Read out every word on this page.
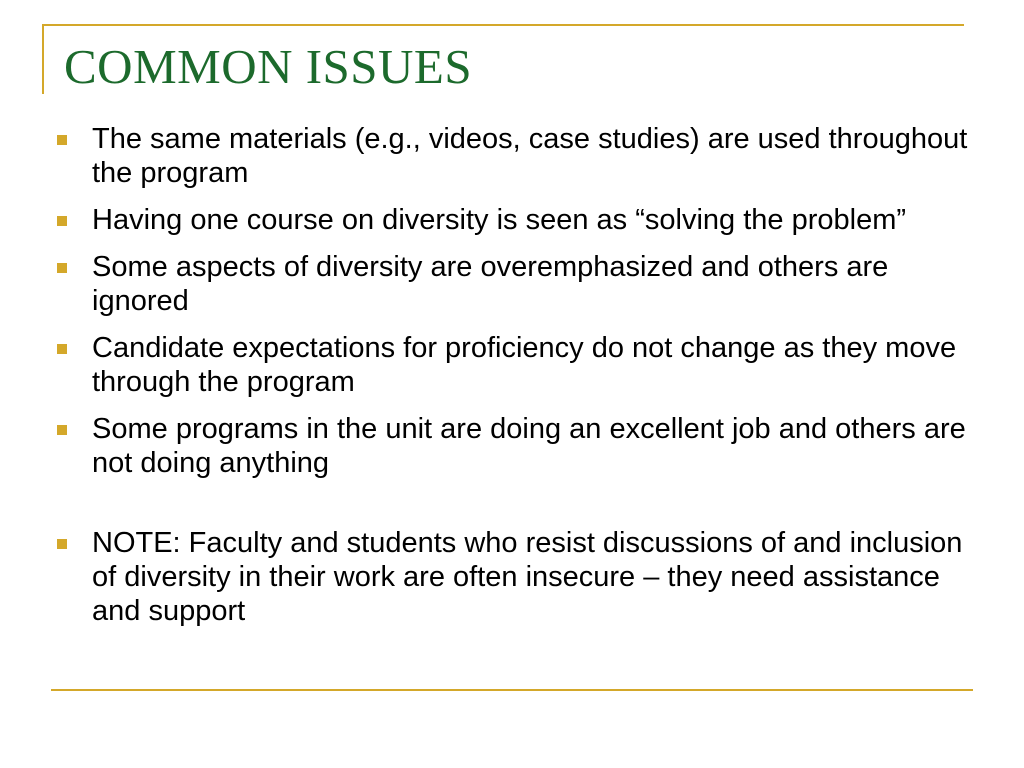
COMMON ISSUES
The same materials (e.g., videos, case studies) are used throughout the program
Having one course on diversity is seen as “solving the problem”
Some aspects of diversity are overemphasized and others are ignored
Candidate expectations for proficiency do not change as they move through the program
Some programs in the unit are doing an excellent job and others are not doing anything
NOTE: Faculty and students who resist discussions of and inclusion of diversity in their work are often insecure – they need assistance and support
